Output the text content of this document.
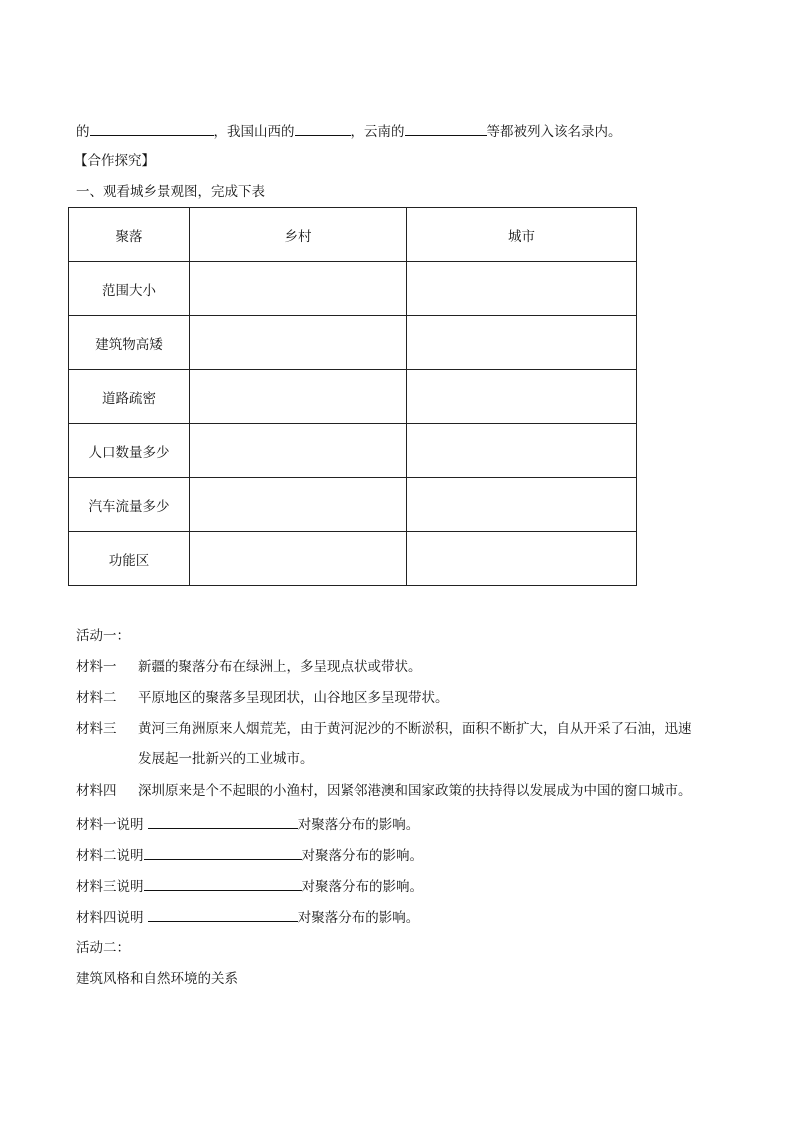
的	，我国山西的	，云南的	等都被列入该名录内。
【合作探究】
一、观看城乡景观图，完成下表
聚落	乡村	城市
范围大小		
建筑物高矮		
道路疏密		
人口数量多少		
汽车流量多少		
功能区		
活动一：
材料一 新疆的聚落分布在绿洲上，多呈现点状或带状。
材料二 平原地区的聚落多呈现团状，山谷地区多呈现带状。
材料三 黄河三角洲原来人烟荒芜，由于黄河泥沙的不断淤积，面积不断扩大，自从开采了石油，迅速
发展起一批新兴的工业城市。
材料四 深圳原来是个不起眼的小渔村，因紧邻港澳和国家政策的扶持得以发展成为中国的窗口城市。
材料一说明	对聚落分布的影响。
材料二说明	对聚落分布的影响。
材料三说明	对聚落分布的影响。
材料四说明	对聚落分布的影响。
活动二：
建筑风格和自然环境的关系
